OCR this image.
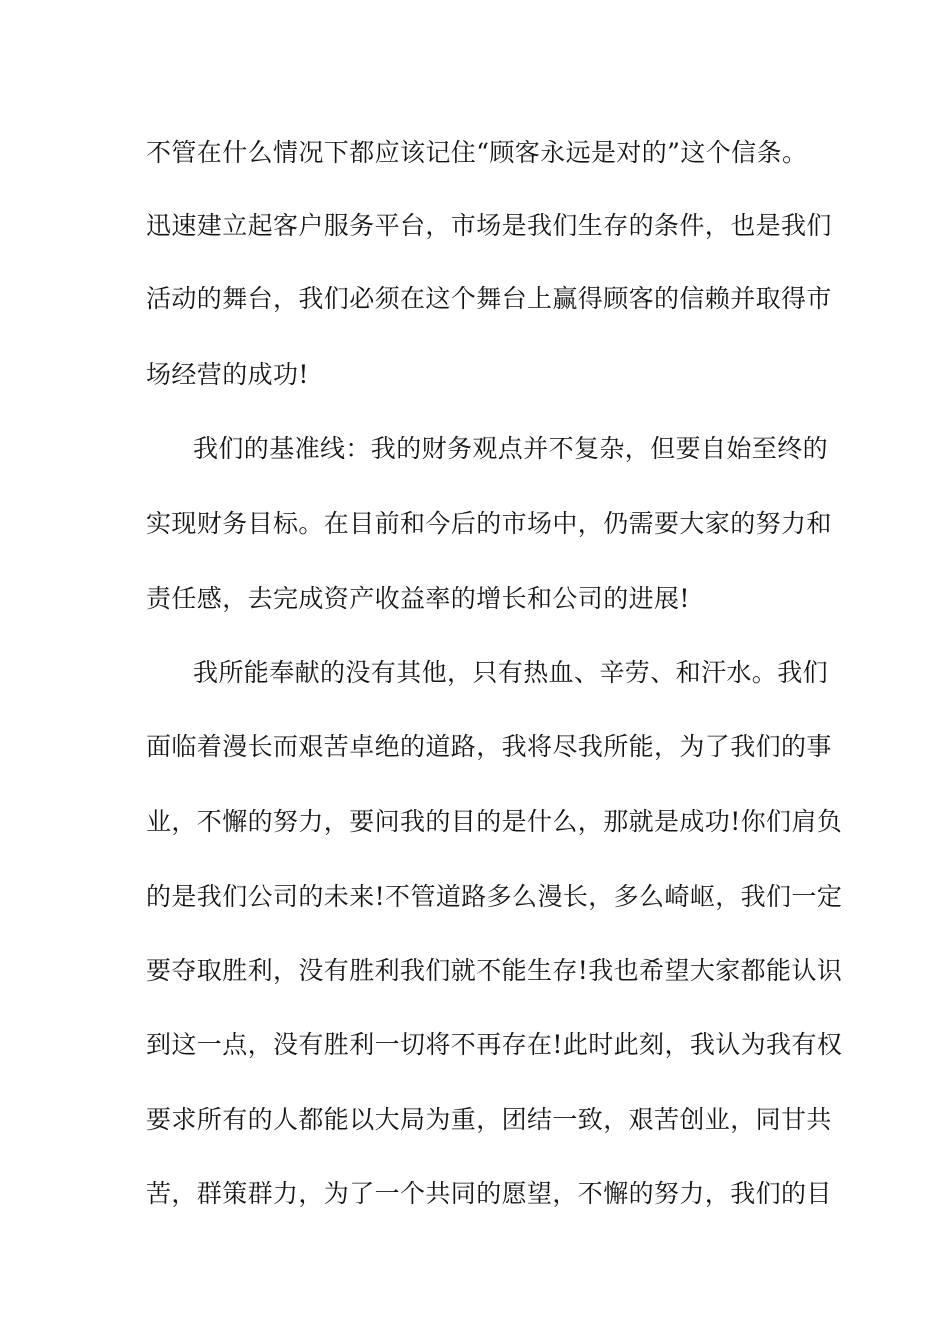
不管在什么情况下都应该记住“顾客永远是对的”这个信条。
迅速建立起客户服务平台，市场是我们生存的条件，也是我们
活动的舞台，我们必须在这个舞台上赢得顾客的信赖并取得市
场经营的成功!
我们的基准线：我的财务观点并不复杂，但要自始至终的
实现财务目标。在目前和今后的市场中，仍需要大家的努力和
责任感，去完成资产收益率的增长和公司的进展!
我所能奉献的没有其他，只有热血、辛劳、和汗水。我们
面临着漫长而艰苦卓绝的道路，我将尽我所能，为了我们的事
业，不懈的努力，要问我的目的是什么，那就是成功!你们肩负
的是我们公司的未来!不管道路多么漫长，多么崎岖，我们一定
要夺取胜利，没有胜利我们就不能生存!我也希望大家都能认识
到这一点，没有胜利一切将不再存在!此时此刻，我认为我有权
要求所有的人都能以大局为重，团结一致，艰苦创业，同甘共
苦，群策群力，为了一个共同的愿望，不懈的努力，我们的目
